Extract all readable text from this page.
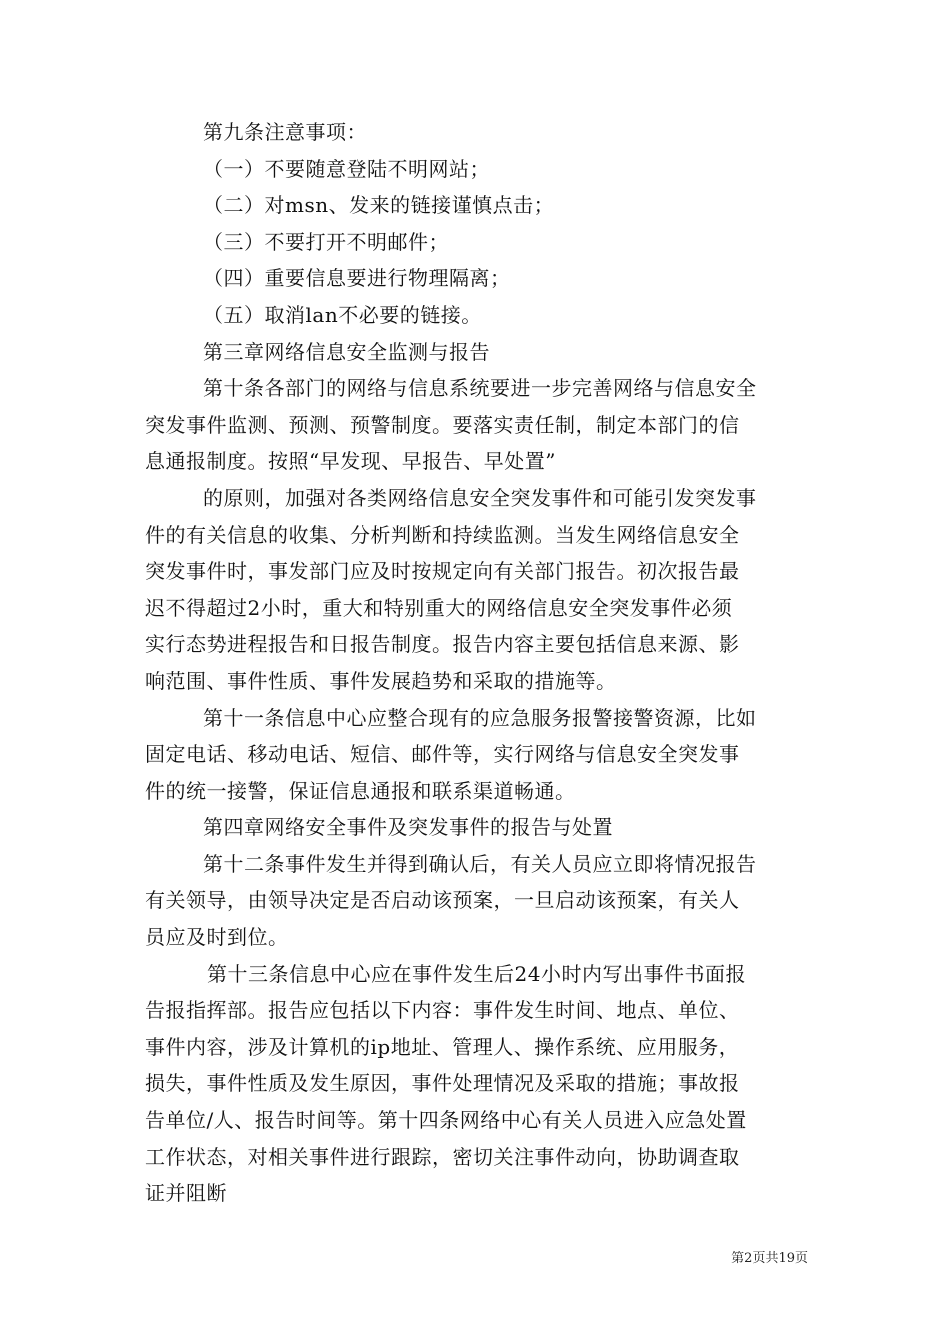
第九条注意事项：
（一）不要随意登陆不明网站；
（二）对msn、发来的链接谨慎点击；
（三）不要打开不明邮件；
（四）重要信息要进行物理隔离；
（五）取消lan不必要的链接。
第三章网络信息安全监测与报告
第十条各部门的网络与信息系统要进一步完善网络与信息安全
突发事件监测、预测、预警制度。要落实责任制，制定本部门的信
息通报制度。按照“早发现、早报告、早处置”
的原则，加强对各类网络信息安全突发事件和可能引发突发事
件的有关信息的收集、分析判断和持续监测。当发生网络信息安全
突发事件时，事发部门应及时按规定向有关部门报告。初次报告最
迟不得超过2小时，重大和特别重大的网络信息安全突发事件必须
实行态势进程报告和日报告制度。报告内容主要包括信息来源、影
响范围、事件性质、事件发展趋势和采取的措施等。
第十一条信息中心应整合现有的应急服务报警接警资源，比如
固定电话、移动电话、短信、邮件等，实行网络与信息安全突发事
件的统一接警，保证信息通报和联系渠道畅通。
第四章网络安全事件及突发事件的报告与处置
第十二条事件发生并得到确认后，有关人员应立即将情况报告
有关领导，由领导决定是否启动该预案，一旦启动该预案，有关人
员应及时到位。
第十三条信息中心应在事件发生后24小时内写出事件书面报
告报指挥部。报告应包括以下内容：事件发生时间、地点、单位、
事件内容，涉及计算机的ip地址、管理人、操作系统、应用服务，
损失，事件性质及发生原因，事件处理情况及采取的措施；事故报
告单位/人、报告时间等。第十四条网络中心有关人员进入应急处置
工作状态，对相关事件进行跟踪，密切关注事件动向，协助调查取
证并阻断
第2页共19页
